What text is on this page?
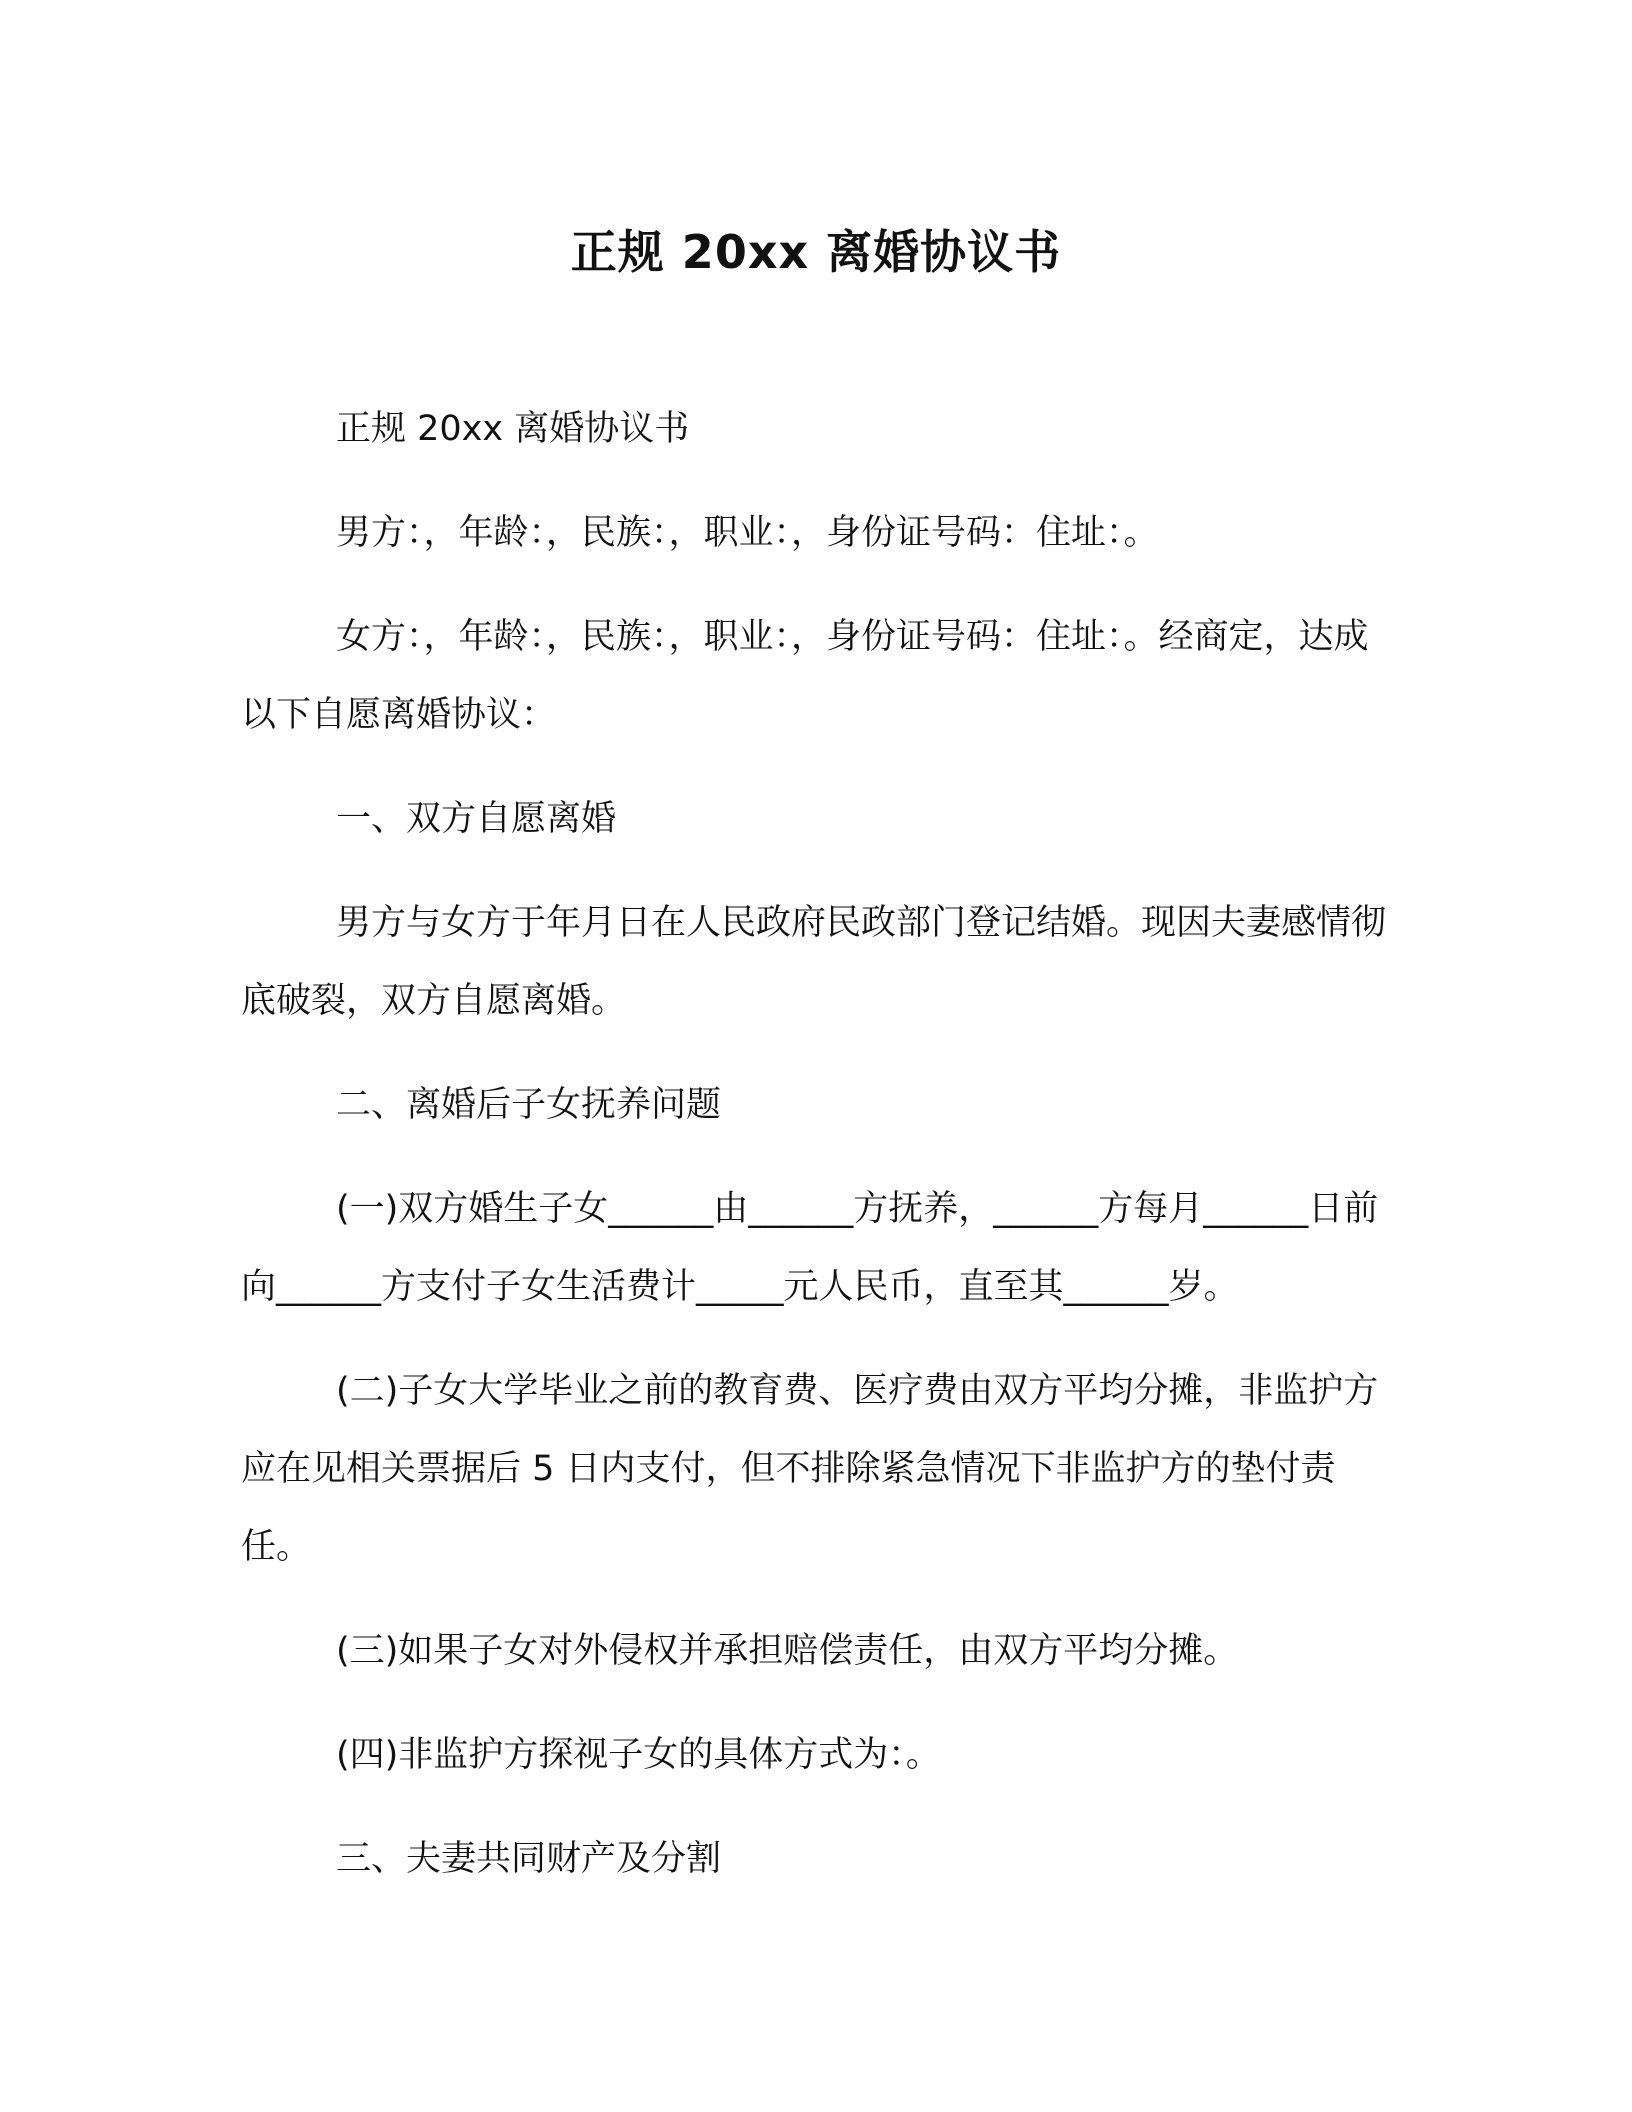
正规 20xx 离婚协议书

正规 20xx 离婚协议书

男方：，年龄：，民族：，职业：，身份证号码：住址：。

女方：，年龄：，民族：，职业：，身份证号码：住址：。经商定，达成以下自愿离婚协议：

一、双方自愿离婚

男方与女方于年月日在人民政府民政部门登记结婚。现因夫妻感情彻底破裂，双方自愿离婚。

二、离婚后子女抚养问题

(一)双方婚生子女______由______方抚养，______方每月______日前向______方支付子女生活费计_____元人民币，直至其______岁。

(二)子女大学毕业之前的教育费、医疗费由双方平均分摊，非监护方应在见相关票据后 5 日内支付，但不排除紧急情况下非监护方的垫付责任。

(三)如果子女对外侵权并承担赔偿责任，由双方平均分摊。

(四)非监护方探视子女的具体方式为：。

三、夫妻共同财产及分割
